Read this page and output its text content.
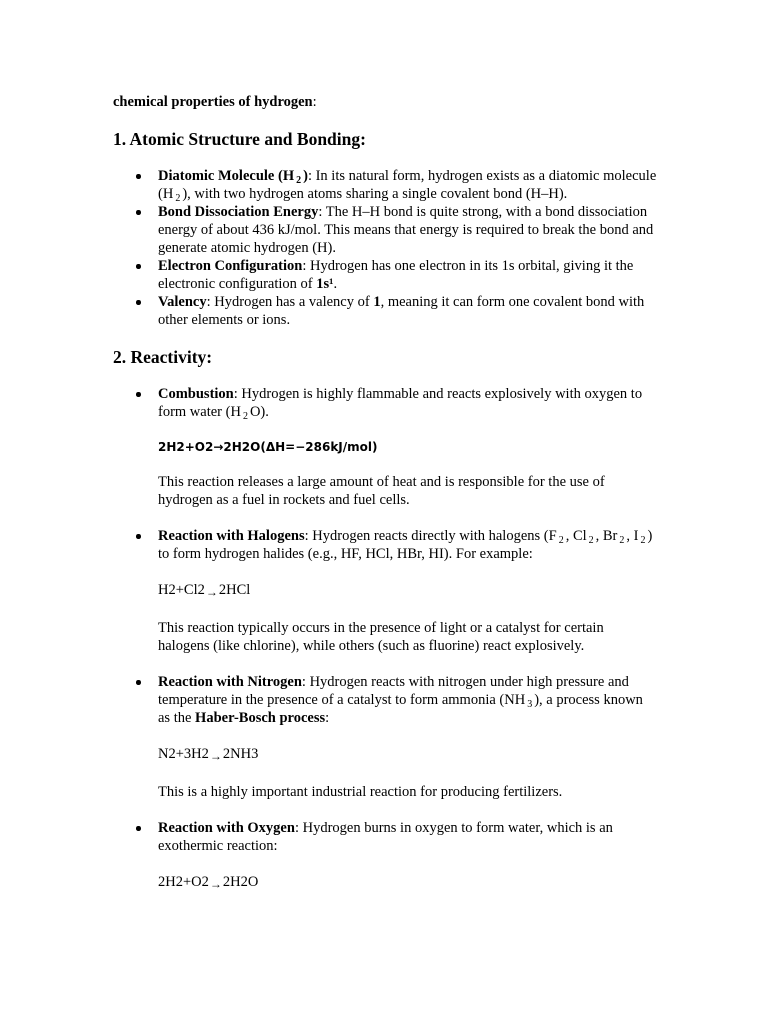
chemical properties of hydrogen:

1. Atomic Structure and Bonding:
Diatomic Molecule (H $_2$ ): In its natural form, hydrogen exists as a diatomic molecule (H $_2$ ), with two hydrogen atoms sharing a single covalent bond (H–H).
Bond Dissociation Energy: The H–H bond is quite strong, with a bond dissociation energy of about 436 kJ/mol. This means that energy is required to break the bond and generate atomic hydrogen (H).
Electron Configuration: Hydrogen has one electron in its 1s orbital, giving it the electronic configuration of 1s¹.
Valency: Hydrogen has a valency of 1, meaning it can form one covalent bond with other elements or ions.
2. Reactivity:
Combustion: Hydrogen is highly flammable and reacts explosively with oxygen to form water (H $_2$ O).
2H2+O2→2H2O(ΔH=−286kJ/mol)

This reaction releases a large amount of heat and is responsible for the use of hydrogen as a fuel in rockets and fuel cells.

Reaction with Halogens: Hydrogen reacts directly with halogens (F $_2$ , Cl $_2$ , Br $_2$ , I $_2$ ) to form hydrogen halides (e.g., HF, HCl, HBr, HI). For example:
H2+Cl2→2HCl

This reaction typically occurs in the presence of light or a catalyst for certain halogens (like chlorine), while others (such as fluorine) react explosively.

Reaction with Nitrogen: Hydrogen reacts with nitrogen under high pressure and temperature in the presence of a catalyst to form ammonia (NH $_3$ ), a process known as the Haber-Bosch process:
N2+3H2→2NH3

This is a highly important industrial reaction for producing fertilizers.

Reaction with Oxygen: Hydrogen burns in oxygen to form water, which is an exothermic reaction:
2H2+O2→2H2O
